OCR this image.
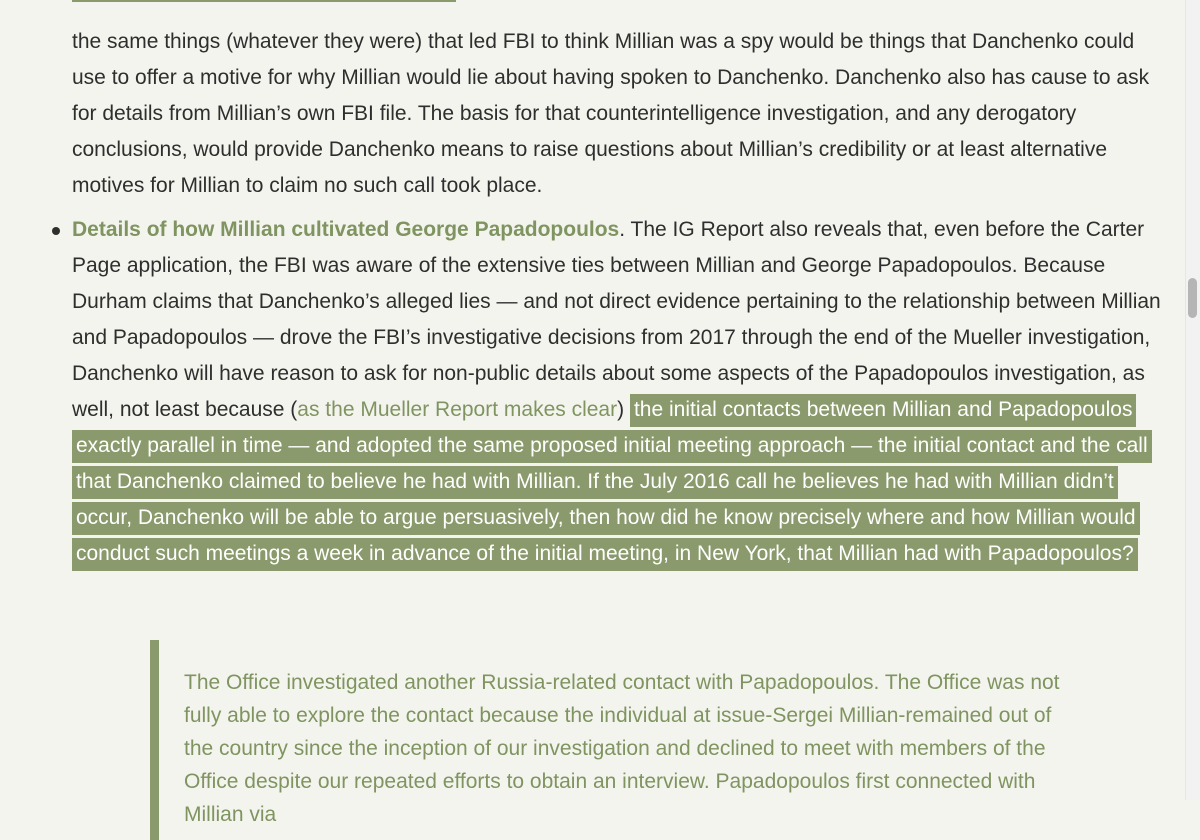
the same things (whatever they were) that led FBI to think Millian was a spy would be things that Danchenko could use to offer a motive for why Millian would lie about having spoken to Danchenko. Danchenko also has cause to ask for details from Millian’s own FBI file. The basis for that counterintelligence investigation, and any derogatory conclusions, would provide Danchenko means to raise questions about Millian’s credibility or at least alternative motives for Millian to claim no such call took place.

Details of how Millian cultivated George Papadopoulos. The IG Report also reveals that, even before the Carter Page application, the FBI was aware of the extensive ties between Millian and George Papadopoulos. Because Durham claims that Danchenko’s alleged lies — and not direct evidence pertaining to the relationship between Millian and Papadopoulos — drove the FBI’s investigative decisions from 2017 through the end of the Mueller investigation, Danchenko will have reason to ask for non-public details about some aspects of the Papadopoulos investigation, as well, not least because (as the Mueller Report makes clear) the initial contacts between Millian and Papadopoulos exactly parallel in time — and adopted the same proposed initial meeting approach — the initial contact and the call that Danchenko claimed to believe he had with Millian. If the July 2016 call he believes he had with Millian didn’t occur, Danchenko will be able to argue persuasively, then how did he know precisely where and how Millian would conduct such meetings a week in advance of the initial meeting, in New York, that Millian had with Papadopoulos?

The Office investigated another Russia-related contact with Papadopoulos. The Office was not fully able to explore the contact because the individual at issue-Sergei Millian-remained out of the country since the inception of our investigation and declined to meet with members of the Office despite our repeated efforts to obtain an interview. Papadopoulos first connected with Millian via
